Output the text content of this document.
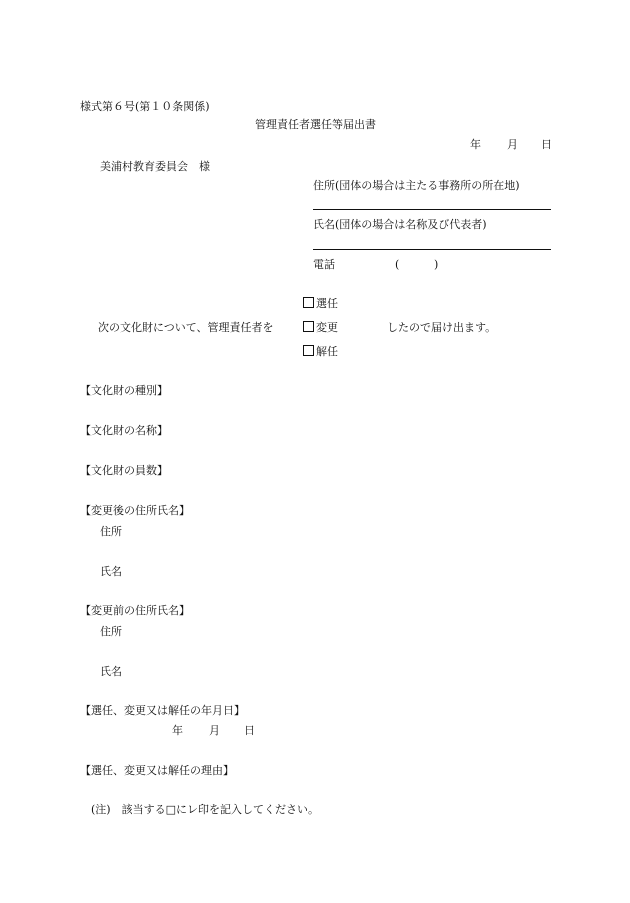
様式第６号(第１０条関係)
管理責任者選任等届出書
年 月 日
美浦村教育委員会　様
住所(団体の場合は主たる事務所の所在地)
氏名(団体の場合は名称及び代表者)
電話	(	)
選任
次の文化財について、管理責任者を	変更	したので届け出ます。
解任
【文化財の種別】
【文化財の名称】
【文化財の員数】
【変更後の住所氏名】
住所
氏名
【変更前の住所氏名】
住所
氏名
【選任、変更又は解任の年月日】
年 月 日
【選任、変更又は解任の理由】
(注)　該当する□にレ印を記入してください。
